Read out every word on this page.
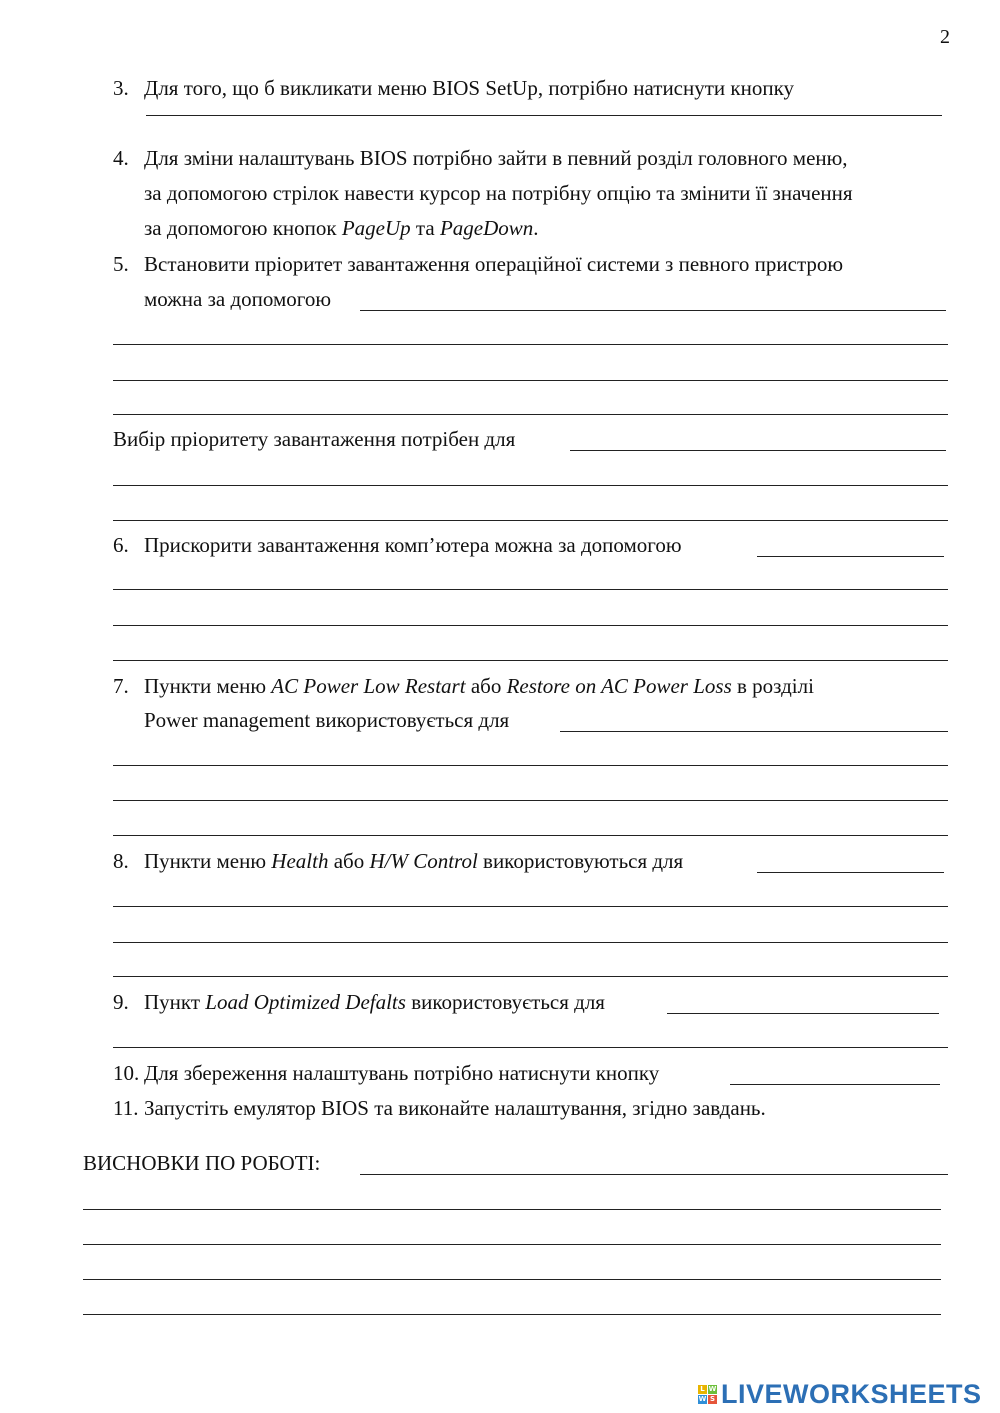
2
3. Для того, що б викликати меню BIOS SetUp, потрібно натиснути кнопку
4. Для зміни налаштувань BIOS потрібно зайти в певний розділ головного меню,
за допомогою стрілок навести курсор на потрібну опцію та змінити її значення
за допомогою кнопок PageUp та PageDown.
5. Встановити пріоритет завантаження операційної системи з певного пристрою
можна за допомогою
Вибір пріоритету завантаження потрібен для
6. Прискорити завантаження комп’ютера можна за допомогою
7. Пункти меню AC Power Low Restart або Restore on AC Power Loss в розділі
Power management використовується для
8. Пункти меню Health або H/W Control використовуються для
9. Пункт Load Optimized Defalts використовується для
10. Для збереження налаштувань потрібно натиснути кнопку
11. Запустіть емулятор BIOS та виконайте налаштування, згідно завдань.
ВИСНОВКИ ПО РОБОТІ:
L W
W S LIVEWORKSHEETS
